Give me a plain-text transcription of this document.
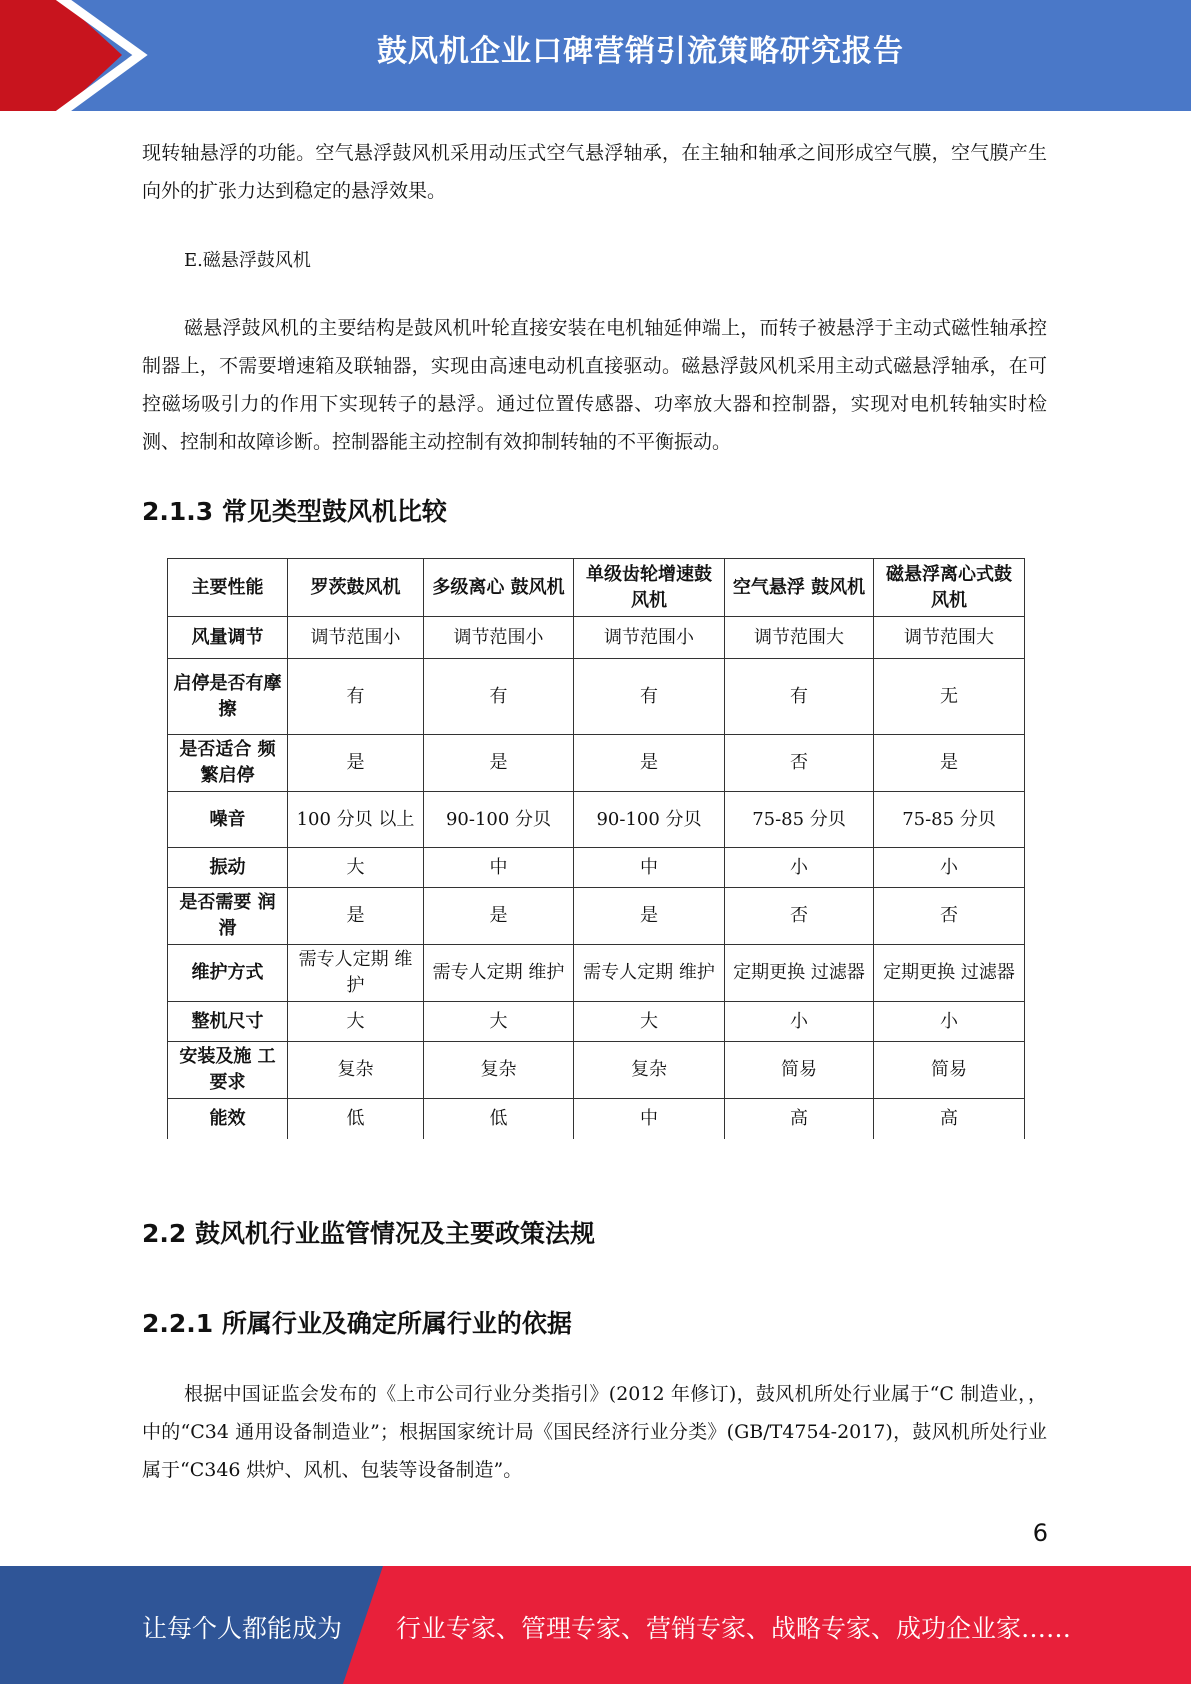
鼓风机企业口碑营销引流策略研究报告

现转轴悬浮的功能。空气悬浮鼓风机采用动压式空气悬浮轴承，在主轴和轴承之间形成空气膜，空气膜产生向外的扩张力达到稳定的悬浮效果。

E.磁悬浮鼓风机

磁悬浮鼓风机的主要结构是鼓风机叶轮直接安装在电机轴延伸端上，而转子被悬浮于主动式磁性轴承控制器上，不需要增速箱及联轴器，实现由高速电动机直接驱动。磁悬浮鼓风机采用主动式磁悬浮轴承，在可控磁场吸引力的作用下实现转子的悬浮。通过位置传感器、功率放大器和控制器，实现对电机转轴实时检测、控制和故障诊断。控制器能主动控制有效抑制转轴的不平衡振动。

2.1.3 常见类型鼓风机比较
主要性能	罗茨鼓风机	多级离心 鼓风机	单级齿轮增速鼓风机	空气悬浮 鼓风机	磁悬浮离心式鼓风机
风量调节	调节范围小	调节范围小	调节范围小	调节范围大	调节范围大
启停是否有摩擦	有	有	有	有	无
是否适合 频繁启停	是	是	是	否	是
噪音	100 分贝 以上	90-100 分贝	90-100 分贝	75-85 分贝	75-85 分贝
振动	大	中	中	小	小
是否需要 润滑	是	是	是	否	否
维护方式	需专人定期 维护	需专人定期 维护	需专人定期 维护	定期更换 过滤器	定期更换 过滤器
整机尺寸	大	大	大	小	小
安装及施 工要求	复杂	复杂	复杂	简易	简易
能效	低	低	中	高	高
2.2 鼓风机行业监管情况及主要政策法规
2.2.1 所属行业及确定所属行业的依据

根据中国证监会发布的《上市公司行业分类指引》(2012 年修订)，鼓风机所处行业属于“C 制造业，，中的“C34 通用设备制造业”；根据国家统计局《国民经济行业分类》(GB/T4754-2017)，鼓风机所处行业属于“C346 烘炉、风机、包装等设备制造”。

6
让每个人都能成为 行业专家、管理专家、营销专家、战略专家、成功企业家……
